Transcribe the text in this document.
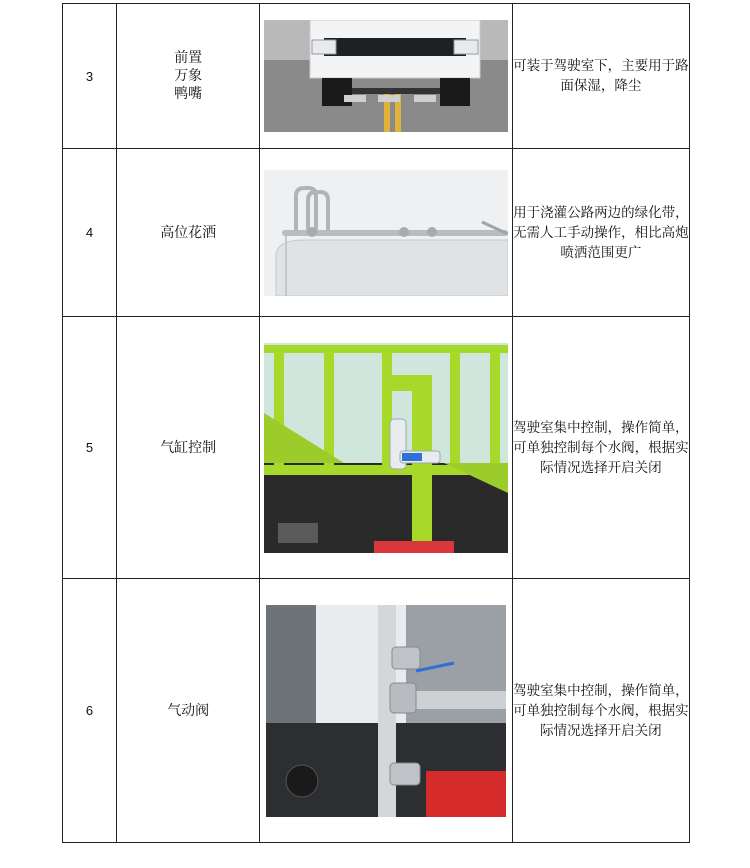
3	前置
万象
鸭嘴		可装于驾驶室下，主要用于路面保湿，降尘
4	高位花洒		用于浇灌公路两边的绿化带，无需人工手动操作，相比高炮喷洒范围更广
5	气缸控制		驾驶室集中控制，操作简单，可单独控制每个水阀，根据实际情况选择开启关闭
6	气动阀		驾驶室集中控制，操作简单，可单独控制每个水阀，根据实际情况选择开启关闭
